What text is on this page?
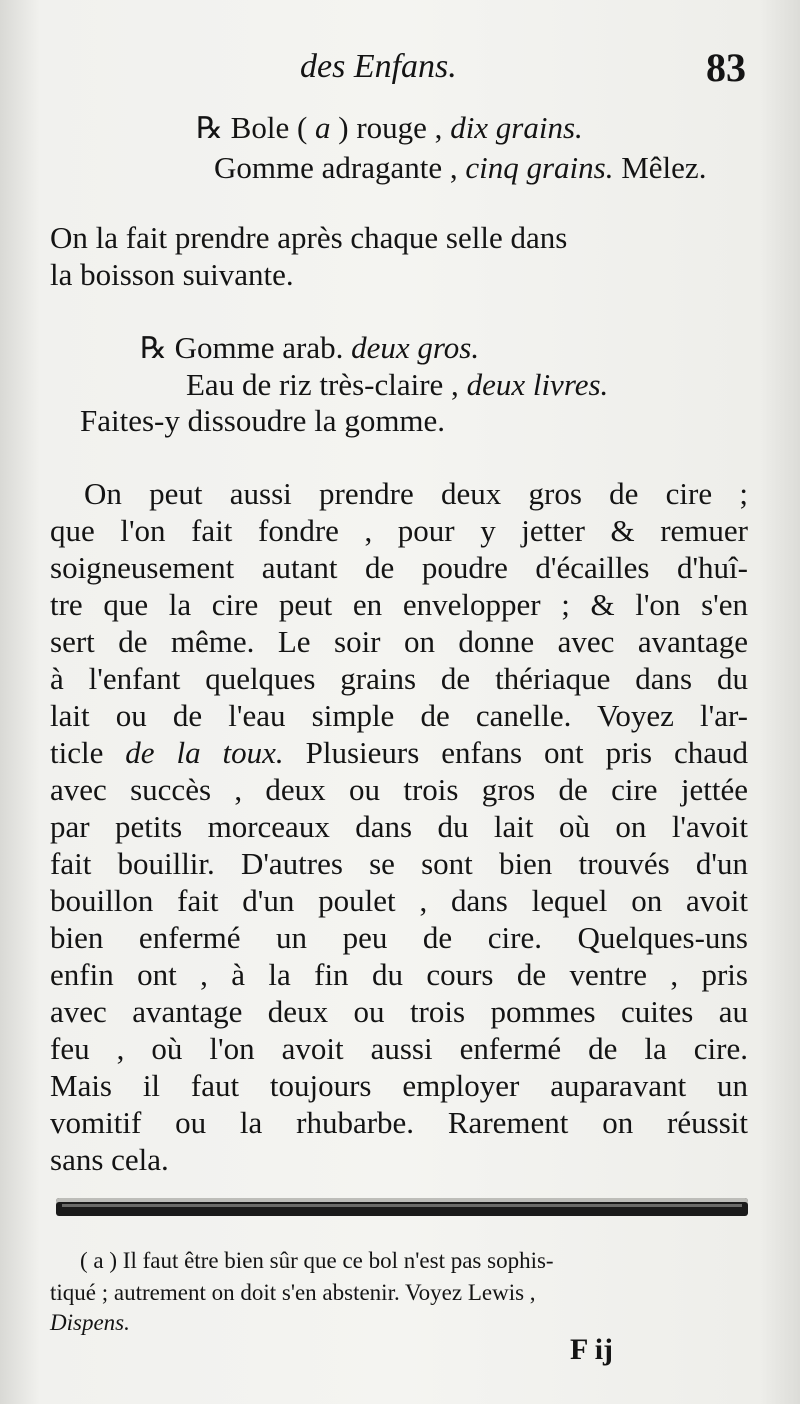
des Enfans.	83
℞ Bole ( a ) rouge , dix grains.
Gomme adragante , cinq grains. Mêlez.
On la fait prendre après chaque selle dans
la boisson suivante.
℞ Gomme arab. deux gros.
Eau de riz très-claire , deux livres.
Faites-y dissoudre la gomme.
On peut aussi prendre deux gros de cire ;
que l'on fait fondre , pour y jetter & remuer
soigneusement autant de poudre d'écailles d'huî-
tre que la cire peut en envelopper ; & l'on s'en
sert de même. Le soir on donne avec avantage
à l'enfant quelques grains de thériaque dans du
lait ou de l'eau simple de canelle. Voyez l'ar-
ticle de la toux. Plusieurs enfans ont pris chaud
avec succès , deux ou trois gros de cire jettée
par petits morceaux dans du lait où on l'avoit
fait bouillir. D'autres se sont bien trouvés d'un
bouillon fait d'un poulet , dans lequel on avoit
bien enfermé un peu de cire. Quelques-uns
enfin ont , à la fin du cours de ventre , pris
avec avantage deux ou trois pommes cuites au
feu , où l'on avoit aussi enfermé de la cire.
Mais il faut toujours employer auparavant un
vomitif ou la rhubarbe. Rarement on réussit
sans cela.
( a ) Il faut être bien sûr que ce bol n'est pas sophis-
tiqué ; autrement on doit s'en abstenir. Voyez Lewis ,
Dispens.
F ij
